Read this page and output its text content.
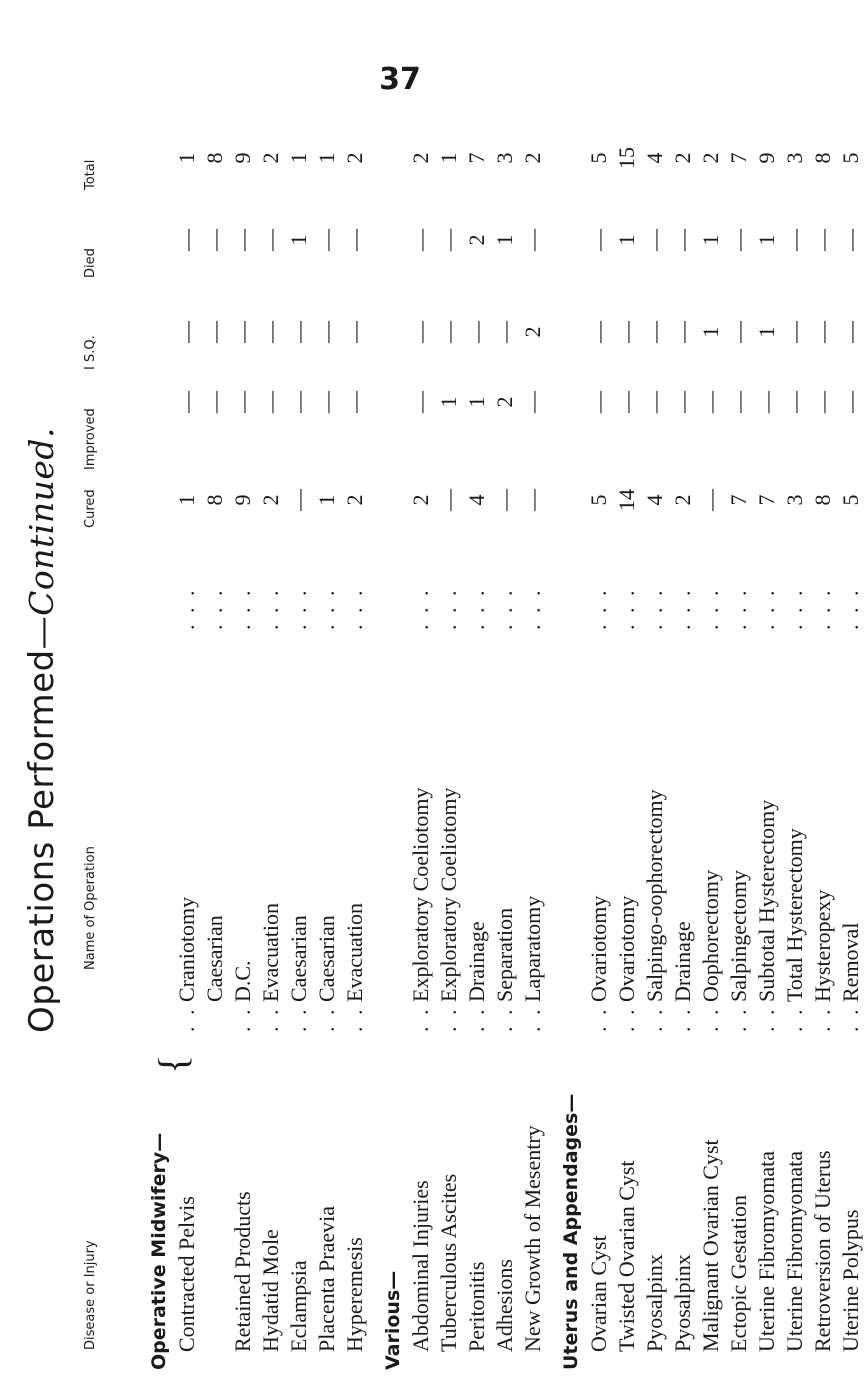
37
Operations Performed—Continued.
Disease or Injury
Name of Operation
Cured
Improved
I S.Q.
Died
Total
{
Operative Midwifery— Contracted Pelvis
. .
Craniotomy
. . .
1
—
—
—
1
Caesarian
. . .
8
—
—
—
8
Retained Products
. .
D.C.
. . .
9
—
—
—
9
Hydatid Mole
. .
Evacuation
. . .
2
—
—
—
2
Eclampsia
. .
Caesarian
. . .
—
—
—
1
1
Placenta Praevia
. .
Caesarian
. . .
1
—
—
—
1
Hyperemesis
. .
Evacuation
. . .
2
—
—
—
2
Various— Abdominal Injuries
. .
Exploratory Coeliotomy
. . .
2
—
—
—
2
Tuberculous Ascites
. .
Exploratory Coeliotomy
. . .
—
1
—
—
1
Peritonitis
. .
Drainage
. . .
4
1
—
2
7
Adhesions
. .
Separation
. . .
—
2
—
1
3
New Growth of Mesentry
. .
Laparatomy
. . .
—
—
2
—
2
Uterus and Appendages— Ovarian Cyst
. .
Ovariotomy
. . .
5
—
—
—
5
Twisted Ovarian Cyst
. .
Ovariotomy
. . .
14
—
—
1
15
Pyosalpinx
. .
Salpingo-oophorectomy
. . .
4
—
—
—
4
Pyosalpinx
. .
Drainage
. . .
2
—
—
—
2
Malignant Ovarian Cyst
. .
Oophorectomy
. . .
—
—
1
1
2
Ectopic Gestation
. .
Salpingectomy
. . .
7
—
—
—
7
Uterine Fibromyomata
. .
Subtotal Hysterectomy
. . .
7
—
1
1
9
Uterine Fibromyomata
. .
Total Hysterectomy
. . .
3
—
—
—
3
Retroversion of Uterus
. .
Hysteropexy
. . .
8
—
—
—
8
Uterine Polypus
. .
Removal
. . .
5
—
—
—
5
